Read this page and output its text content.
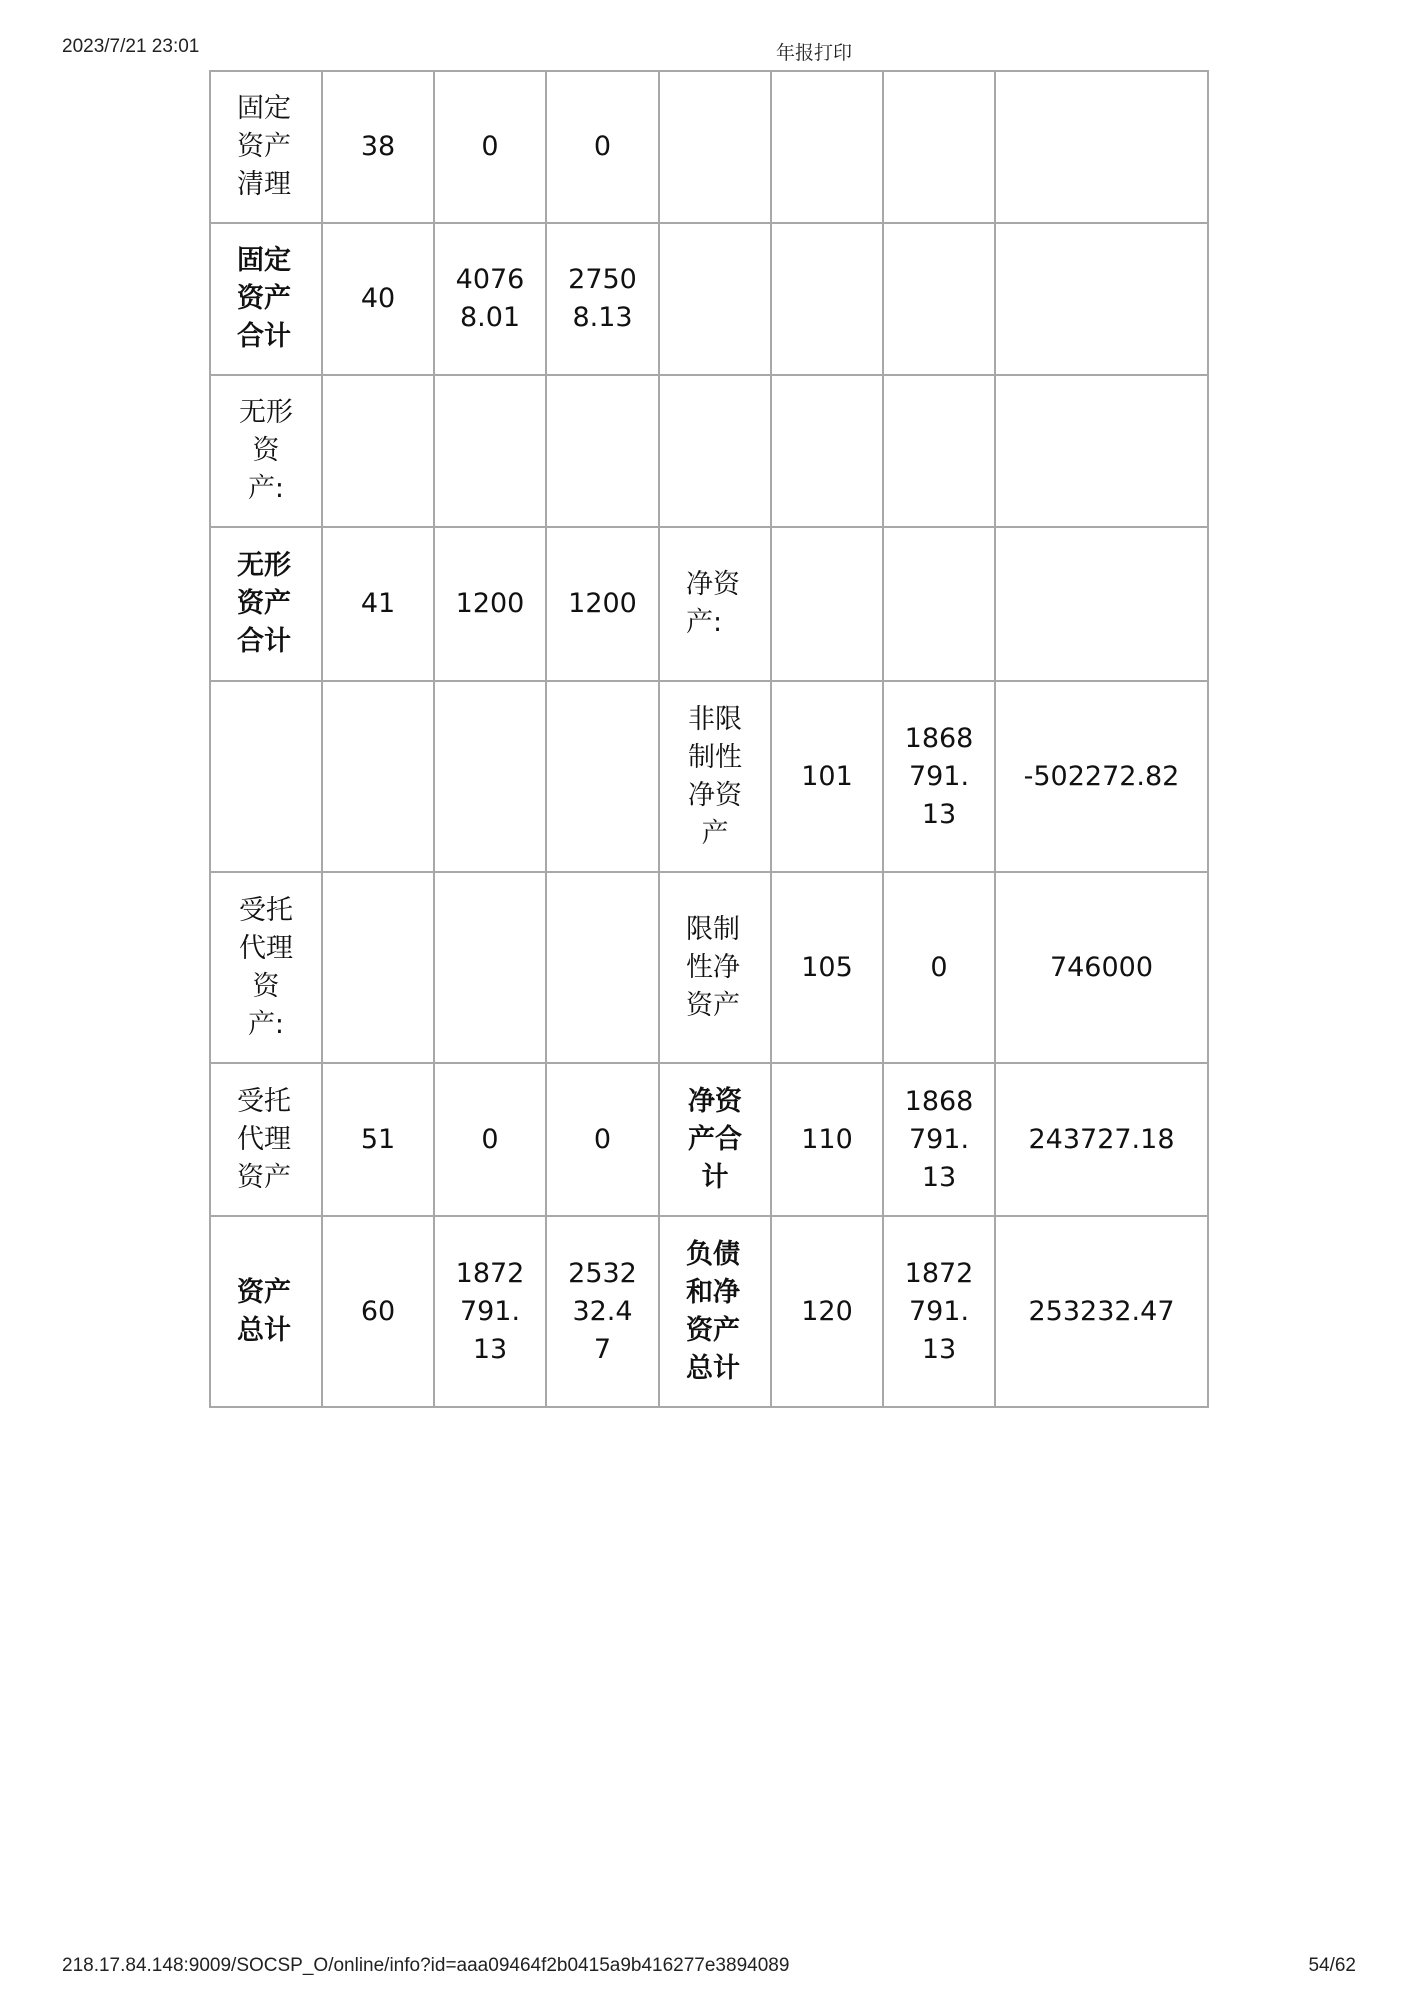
2023/7/21 23:01	年报打印
固定资产清理	38	0	0				
固定资产合计	40	40768.01	27508.13				
无形资产:							
无形资产合计	41	1200	1200	净资产:			
				非限制性净资产	101	1868791.13	-502272.82
受托代理资产:				限制性净资产	105	0	746000
受托代理资产	51	0	0	净资产合计	110	1868791.13	243727.18
资产总计	60	1872791.13	253232.47	负债和净资产总计	120	1872791.13	253232.47
218.17.84.148:9009/SOCSP_O/online/info?id=aaa09464f2b0415a9b416277e3894089	54/62
